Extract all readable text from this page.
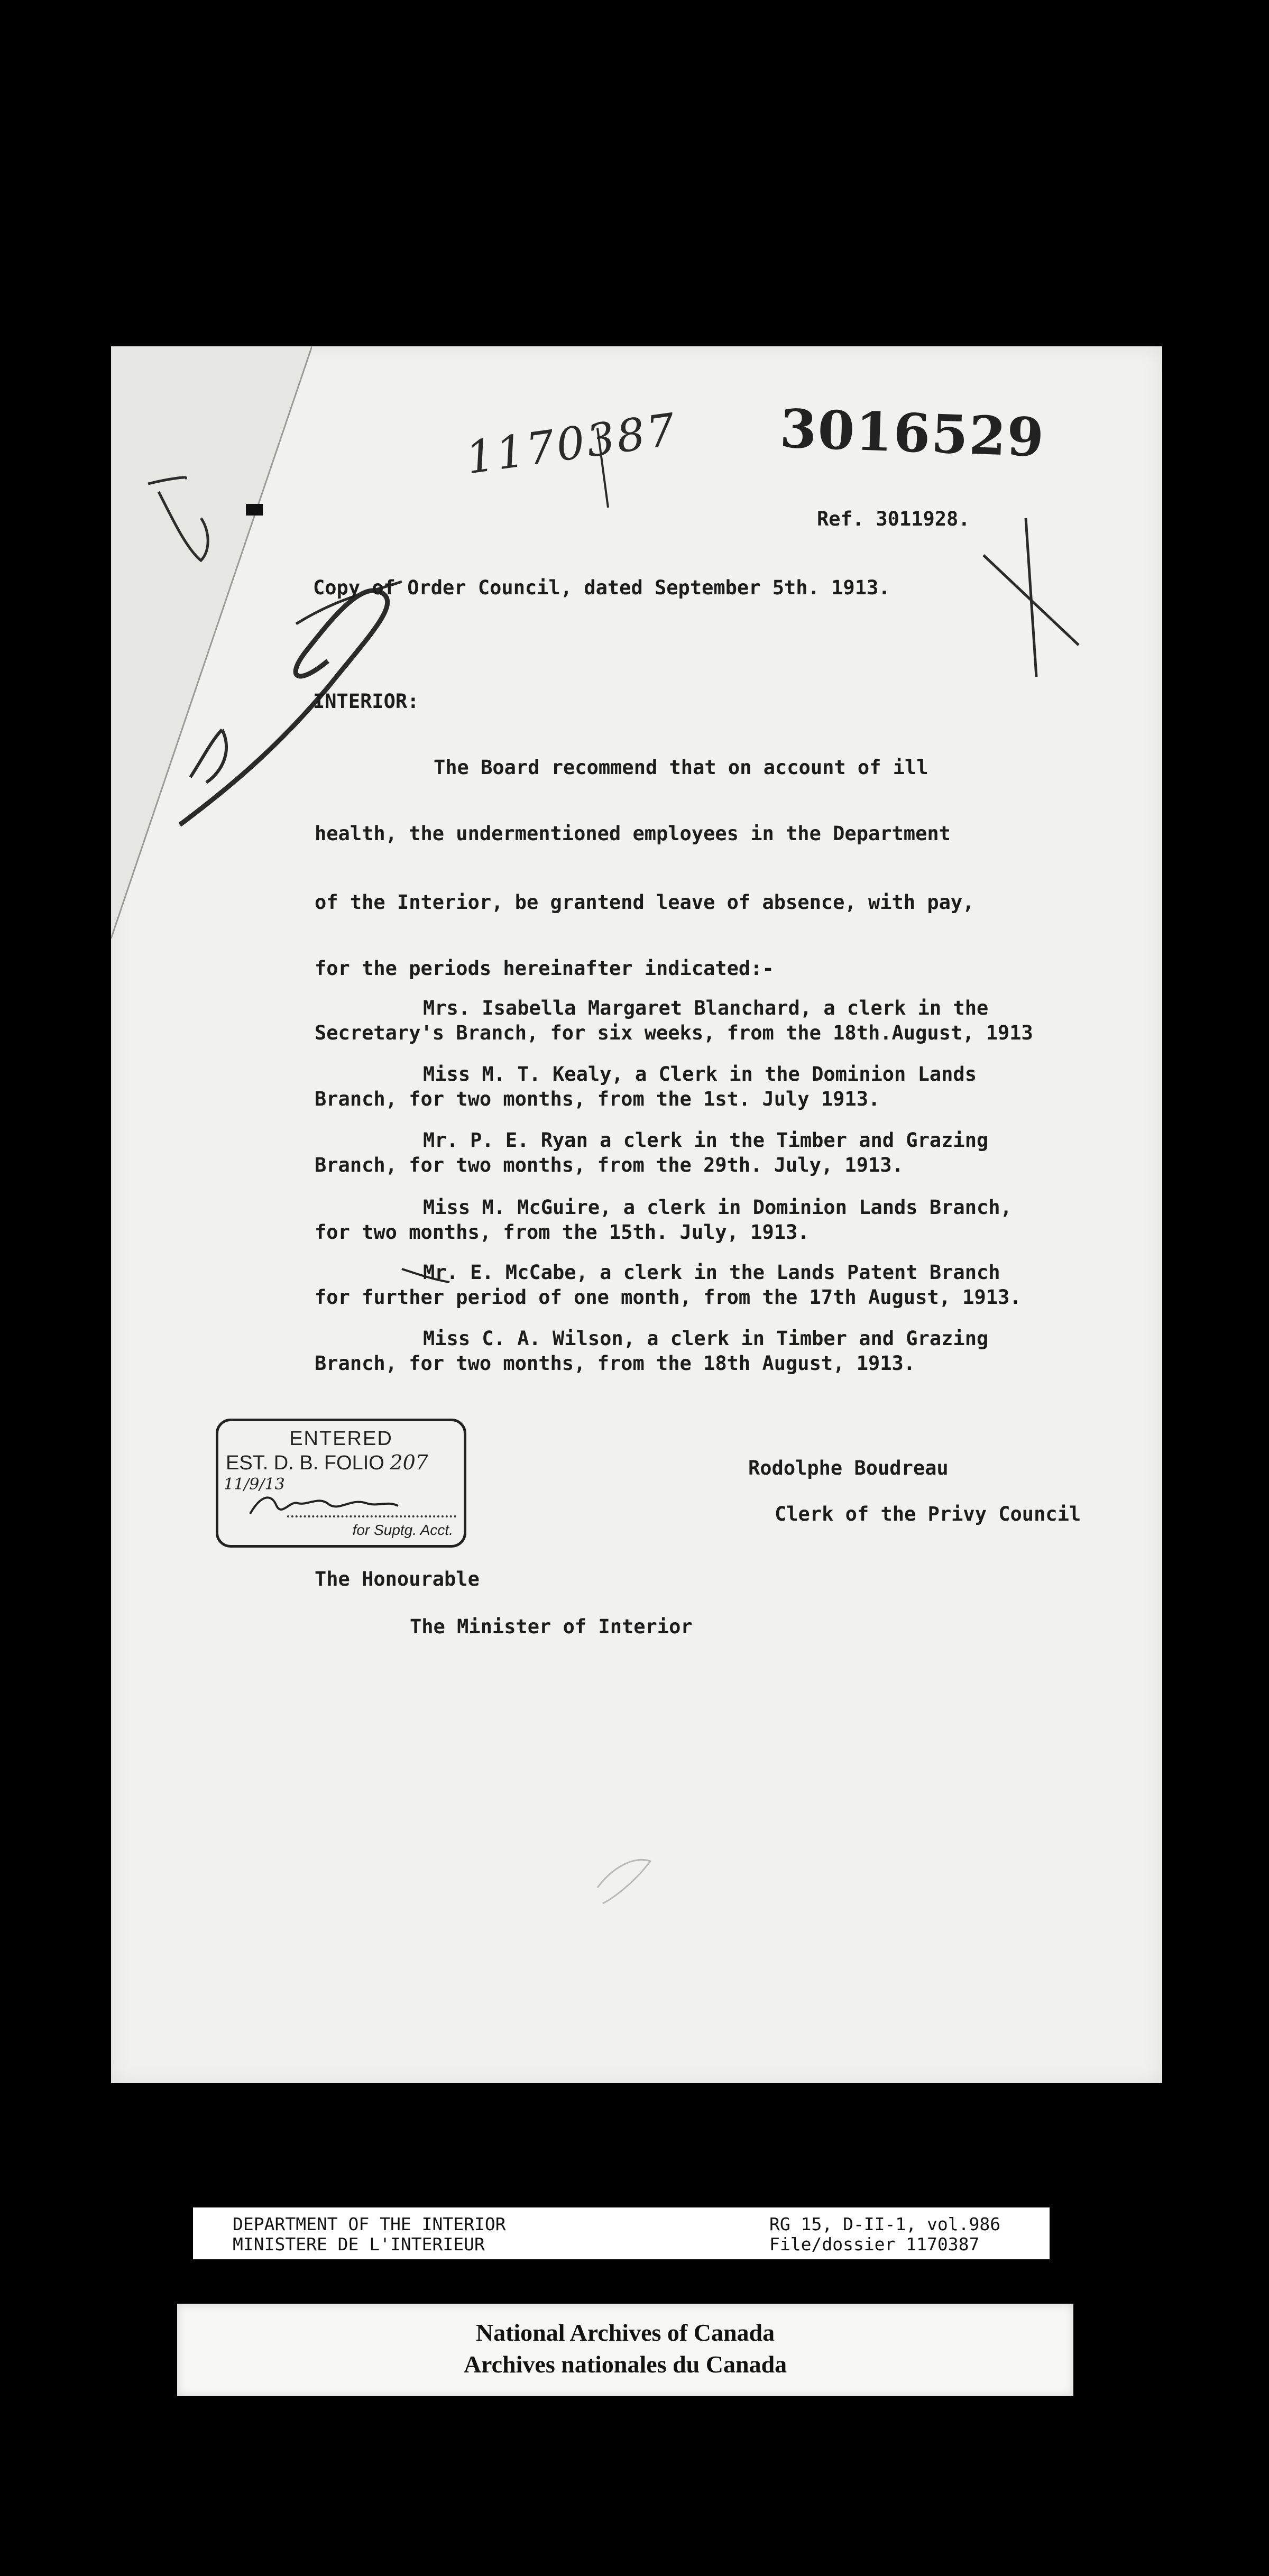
3016529
1170387
Ref. 3011928.
Copy of Order Council, dated September 5th. 1913.
INTERIOR:
The Board recommend that on account of ill
health, the undermentioned employees in the Department
of the Interior, be grantend leave of absence, with pay,
for the periods hereinafter indicated:-
Mrs. Isabella Margaret Blanchard, a clerk in the
Secretary's Branch, for six weeks, from the 18th.August, 1913
Miss M. T. Kealy, a Clerk in the Dominion Lands
Branch, for two months, from the 1st. July 1913.
Mr. P. E. Ryan a clerk in the Timber and Grazing
Branch, for two months, from the 29th. July, 1913.
Miss M. McGuire, a clerk in Dominion Lands Branch,
for two months, from the 15th. July, 1913.
Mr. E. McCabe, a clerk in the Lands Patent Branch
for further period of one month, from the 17th August, 1913.
Miss C. A. Wilson, a clerk in Timber and Grazing
Branch, for two months, from the 18th August, 1913.
ENTERED
EST. D. B. FOLIO 207
11/9/13
for Suptg. Acct.
Rodolphe Boudreau
Clerk of the Privy Council
The Honourable
The Minister of Interior
DEPARTMENT OF THE INTERIOR
MINISTERE DE L'INTERIEUR
RG 15, D-II-1, vol.986
File/dossier 1170387
National Archives of Canada
Archives nationales du Canada
